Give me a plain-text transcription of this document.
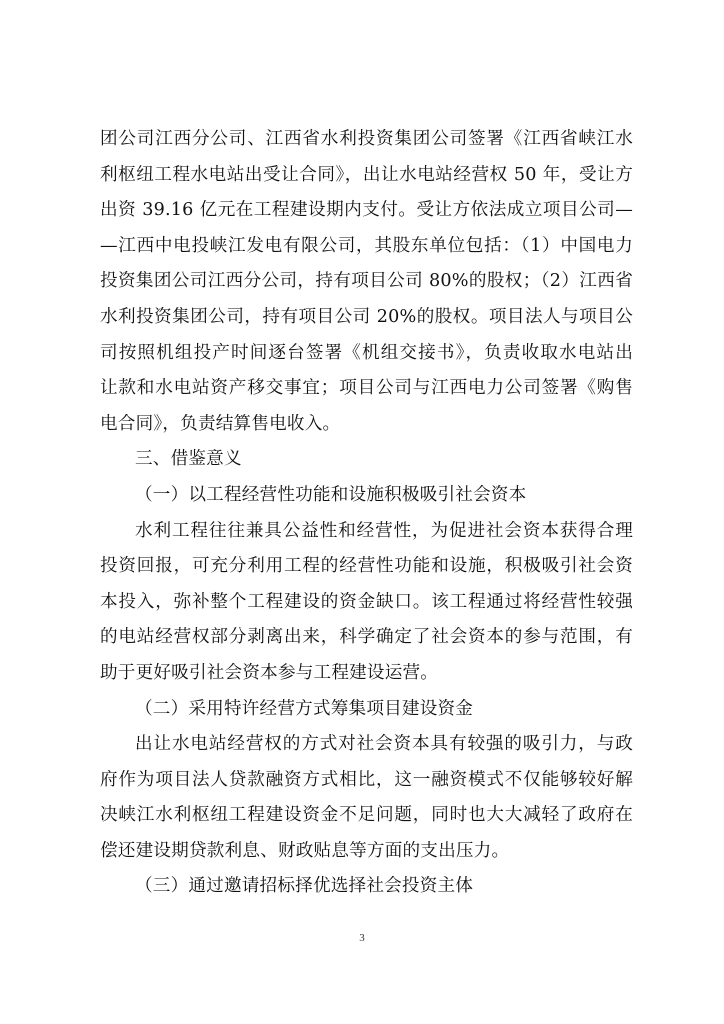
团公司江西分公司、江西省水利投资集团公司签署《江西省峡江水
利枢纽工程水电站出受让合同》，出让水电站经营权 50 年，受让方
出资 39.16 亿元在工程建设期内支付。受让方依法成立项目公司—
—江西中电投峡江发电有限公司，其股东单位包括：（1）中国电力
投资集团公司江西分公司，持有项目公司 80%的股权；（2）江西省
水利投资集团公司，持有项目公司 20%的股权。项目法人与项目公
司按照机组投产时间逐台签署《机组交接书》，负责收取水电站出
让款和水电站资产移交事宜；项目公司与江西电力公司签署《购售
电合同》，负责结算售电收入。
三、借鉴意义
（一）以工程经营性功能和设施积极吸引社会资本
水利工程往往兼具公益性和经营性，为促进社会资本获得合理
投资回报，可充分利用工程的经营性功能和设施，积极吸引社会资
本投入，弥补整个工程建设的资金缺口。该工程通过将经营性较强
的电站经营权部分剥离出来，科学确定了社会资本的参与范围，有
助于更好吸引社会资本参与工程建设运营。
（二）采用特许经营方式筹集项目建设资金
出让水电站经营权的方式对社会资本具有较强的吸引力，与政
府作为项目法人贷款融资方式相比，这一融资模式不仅能够较好解
决峡江水利枢纽工程建设资金不足问题，同时也大大减轻了政府在
偿还建设期贷款利息、财政贴息等方面的支出压力。
（三）通过邀请招标择优选择社会投资主体
3
